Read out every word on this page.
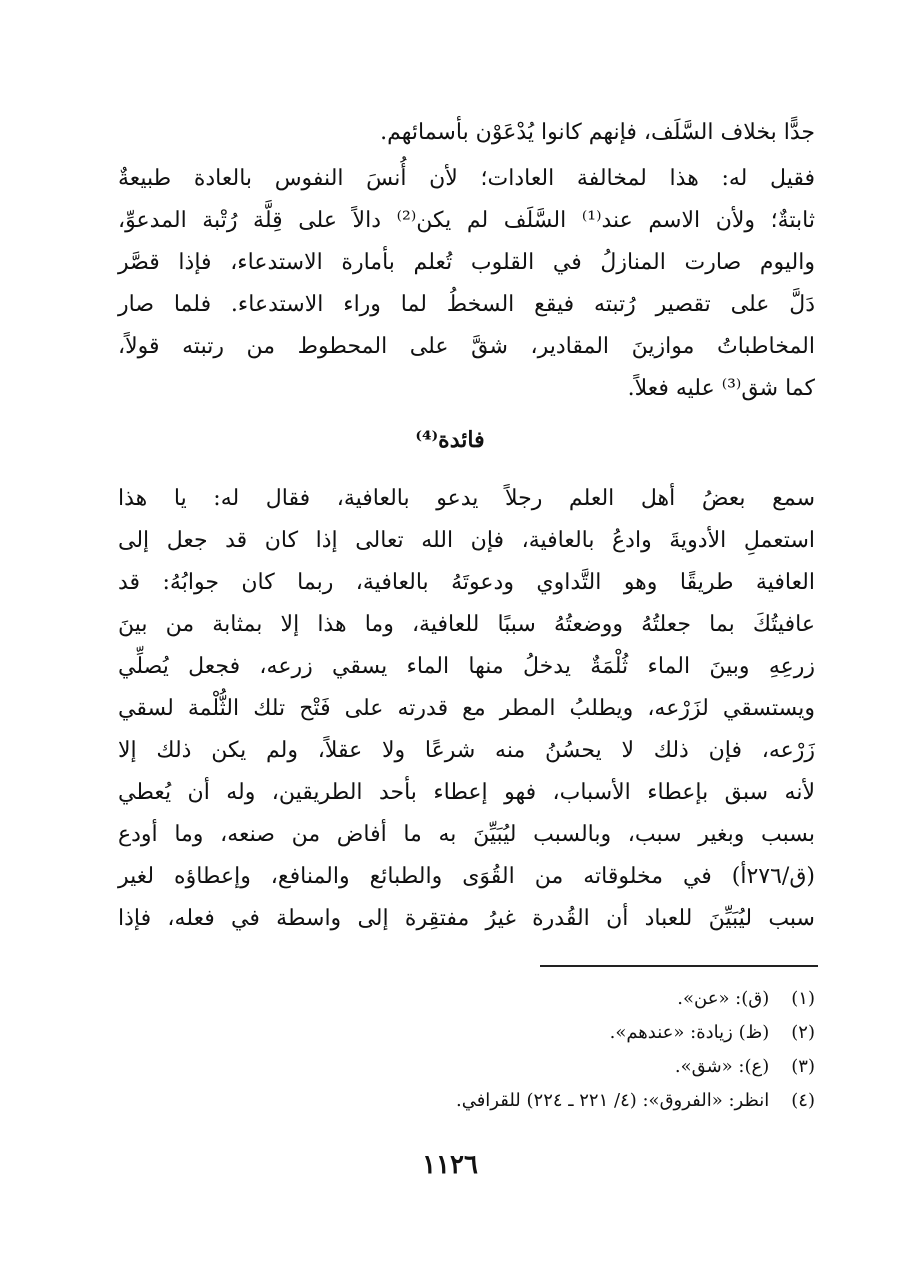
جدًّا بخلاف السَّلَف، فإنهم كانوا يُدْعَوْن بأسمائهم.
فقيل له: هذا لمخالفة العادات؛ لأن أُنسَ النفوس بالعادة طبيعةٌ
ثابتةٌ؛ ولأن الاسم عند⁽¹⁾ السَّلَف لم يكن⁽²⁾ دالاً على قِلَّة رُتْبة المدعوِّ،
واليوم صارت المنازلُ في القلوب تُعلم بأمارة الاستدعاء، فإذا قصَّر
دَلَّ على تقصير رُتبته فيقع السخطُ لما وراء الاستدعاء. فلما صار
المخاطباتُ موازينَ المقادير، شقَّ على المحطوط من رتبته قولاً،
كما شق⁽³⁾ عليه فعلاً.
فائدة⁽⁴⁾
سمع بعضُ أهل العلم رجلاً يدعو بالعافية، فقال له: يا هذا
استعملِ الأدويةَ وادعُ بالعافية، فإن الله تعالى إذا كان قد جعل إلى
العافية طريقًا وهو التَّداوي ودعوتَهُ بالعافية، ربما كان جوابُهُ: قد
عافيتُكَ بما جعلتُهُ ووضعتُهُ سببًا للعافية، وما هذا إلا بمثابة من بينَ
زرعِهِ وبينَ الماء ثُلْمَةٌ يدخلُ منها الماء يسقي زرعه، فجعل يُصلِّي
ويستسقي لزَرْعه، ويطلبُ المطر مع قدرته على فَتْح تلك الثُّلْمة لسقي
زَرْعه، فإن ذلك لا يحسُنُ منه شرعًا ولا عقلاً، ولم يكن ذلك إلا
لأنه سبق بإعطاء الأسباب، فهو إعطاء بأحد الطريقين، وله أن يُعطي
بسبب وبغير سبب، وبالسبب ليُبَيِّنَ به ما أفاض من صنعه، وما أودع
(ق/٢٧٦أ) في مخلوقاته من القُوَى والطبائع والمنافع، وإعطاؤه لغير
سبب ليُبَيِّنَ للعباد أن القُدرة غيرُ مفتقِرة إلى واسطة في فعله، فإذا
(١) (ق): «عن».
(٢) (ظ) زيادة: «عندهم».
(٣) (ع): «شق».
(٤) انظر: «الفروق»: (٤/ ٢٢١ ـ ٢٢٤) للقرافي.
١١٢٦
